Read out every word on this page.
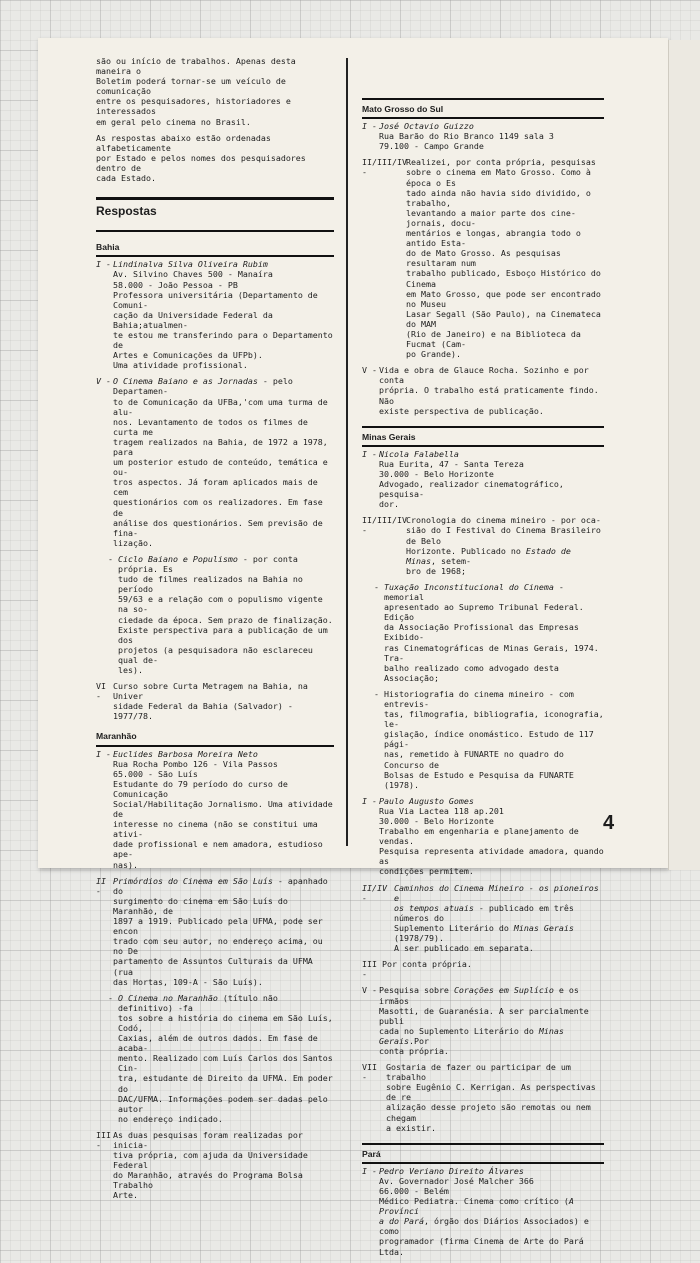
são ou início de trabalhos. Apenas desta maneira o
Boletim poderá tornar-se um veículo de comunicação
entre os pesquisadores, historiadores e interessados
em geral pelo cinema no Brasil.

As respostas abaixo estão ordenadas alfabeticamente
por Estado e pelos nomes dos pesquisadores dentro de
cada Estado.

Respostas
Bahia
I - Lindinalva Silva Oliveira Rubim
Av. Silvino Chaves 500 - Manaíra
58.000 - João Pessoa - PB
Professora universitária (Departamento de Comuni-
cação da Universidade Federal da Bahia;atualmen-
te estou me transferindo para o Departamento de
Artes e Comunicações da UFPb).
Uma atividade profissional.
V - O Cinema Baiano e as Jornadas - pelo Departamen-
to de Comunicação da UFBa,'com uma turma de alu-
nos. Levantamento de todos os filmes de curta me
tragem realizados na Bahia, de 1972 a 1978, para
um posterior estudo de conteúdo, temática e ou-
tros aspectos. Já foram aplicados mais de cem
questionários com os realizadores. Em fase de
análise dos questionários. Sem previsão de fina-
lização.
- Ciclo Baiano e Populismo - por conta própria. Es
tudo de filmes realizados na Bahia no período
59/63 e a relação com o populismo vigente na so-
ciedade da época. Sem prazo de finalização.
Existe perspectiva para a publicação de um dos
projetos (a pesquisadora não esclareceu qual de-
les).
VI -
Curso sobre Curta Metragem na Bahia, na Univer
sidade Federal da Bahia (Salvador) - 1977/78.
Maranhão
I - Euclides Barbosa Moreira Neto
Rua Rocha Pombo 126 - Vila Passos
65.000 - São Luís
Estudante do 79 período do curso de Comunicação
Social/Habilitação Jornalismo. Uma atividade de
interesse no cinema (não se constitui uma ativi-
dade profissional e nem amadora, estudioso ape-
nas).
II -
Primórdios do Cinema em São Luís - apanhado do
surgimento do cinema em São Luís do Maranhão, de
1897 a 1919. Publicado pela UFMA, pode ser encon
trado com seu autor, no endereço acima, ou no De
partamento de Assuntos Culturais da UFMA (rua
das Hortas, 109-A - São Luís).
- O Cinema no Maranhão (título não definitivo) -fa
tos sobre a história do cinema em São Luís, Codó,
Caxias, além de outros dados. Em fase de acaba-
mento. Realizado com Luís Carlos dos Santos Cin-
tra, estudante de Direito da UFMA. Em poder do
DAC/UFMA. Informações podem ser dadas pelo autor
no endereço indicado.
III -
As duas pesquisas foram realizadas por inicia-
tiva própria, com ajuda da Universidade Federal
do Maranhão, através do Programa Bolsa Trabalho
Arte.
Mato Grosso do Sul
I - José Octavio Guizzo
Rua Barão do Rio Branco 1149 sala 3
79.100 - Campo Grande
II/III/IV -
Realizei, por conta própria, pesquisas
sobre o cinema em Mato Grosso. Como à época o Es
tado ainda não havia sido dividido, o trabalho,
levantando a maior parte dos cine-jornais, docu-
mentários e longas, abrangia todo o antido Esta-
do de Mato Grosso. As pesquisas resultaram num
trabalho publicado, Esboço Histórico do Cinema
em Mato Grosso, que pode ser encontrado no Museu
Lasar Segall (São Paulo), na Cinemateca do MAM
(Rio de Janeiro) e na Biblioteca da Fucmat (Cam-
po Grande).
V - Vida e obra de Glauce Rocha. Sozinho e por conta
própria. O trabalho está praticamente findo. Não
existe perspectiva de publicação.
Minas Gerais
I - Nicola Falabella
Rua Eurita, 47 - Santa Tereza
30.000 - Belo Horizonte
Advogado, realizador cinematográfico, pesquisa-
dor.
II/III/IV -
Cronologia do cinema mineiro - por oca-
sião do I Festival do Cinema Brasileiro de Belo
Horizonte. Publicado no Estado de Minas, setem-
bro de 1968;
- Tuxação Inconstitucional do Cinema - memorial
apresentado ao Supremo Tribunal Federal. Edição
da Associação Profissional das Empresas Exibido-
ras Cinematográficas de Minas Gerais, 1974. Tra-
balho realizado como advogado desta Associação;
- Historiografia do cinema mineiro - com entrevis-
tas, filmografia, bibliografia, iconografia, le-
gislação, índice onomástico. Estudo de 117 pági-
nas, remetido à FUNARTE no quadro do Concurso de
Bolsas de Estudo e Pesquisa da FUNARTE (1978).
I - Paulo Augusto Gomes
Rua Via Lactea 118 ap.201
30.000 - Belo Horizonte
Trabalho em engenharia e planejamento de vendas.
Pesquisa representa atividade amadora, quando as
condições permitem.
II/IV -
Caminhos do Cinema Mineiro - os pioneiros e
os tempos atuais - publicado em três números do
Suplemento Literário do Minas Gerais (1978/79).
A ser publicado em separata.
III -
Por conta própria.
V - Pesquisa sobre Corações em Suplício e os irmãos
Masotti, de Guaranésia. A ser parcialmente publi
cada no Suplemento Literário do Minas Gerais.Por
conta própria.
VII -
Gostaria de fazer ou participar de um trabalho
sobre Eugênio C. Kerrigan. As perspectivas de re
alização desse projeto são remotas ou nem chegam
a existir.
Pará
I - Pedro Veriano Direito Álvares
Av. Governador José Malcher 366
66.000 - Belém
Médico Pediatra. Cinema como crítico (A Provínci
a do Pará, órgão dos Diários Associados) e como
programador (firma Cinema de Arte do Pará Ltda.
4
